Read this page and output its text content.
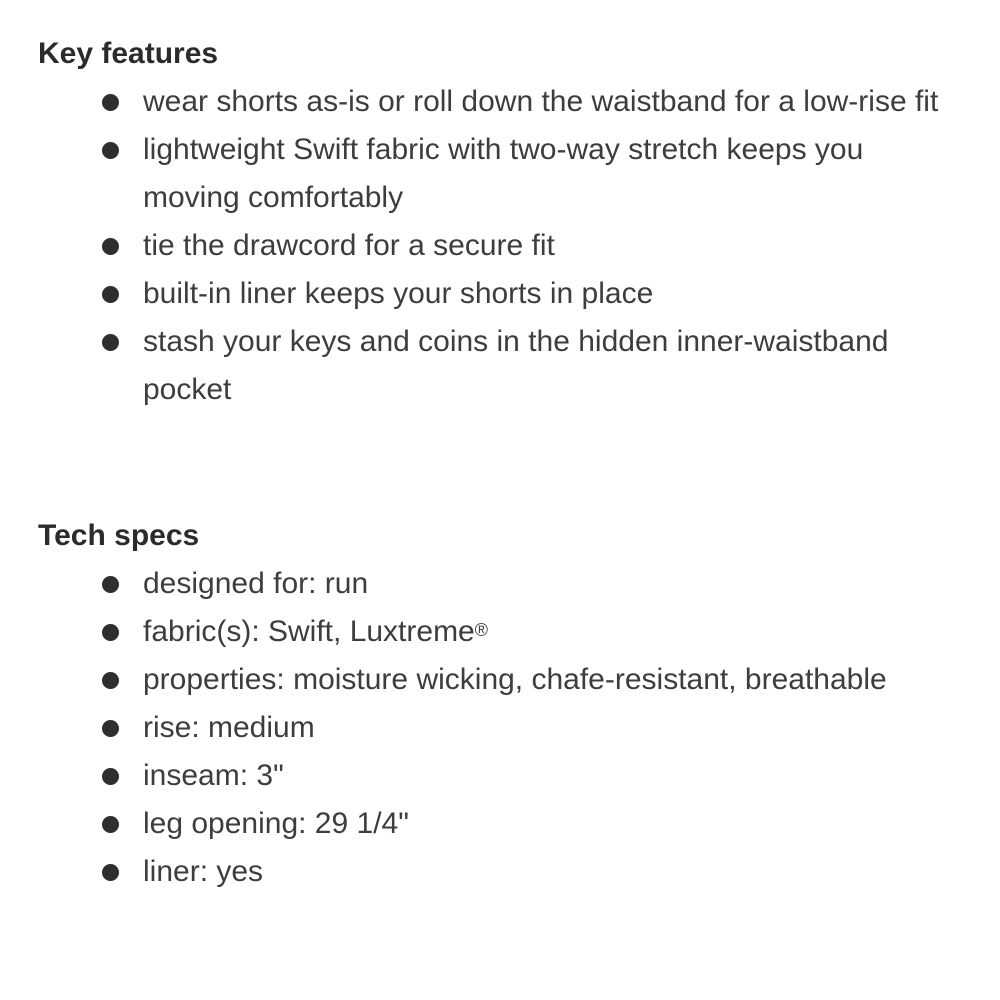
Key features
wear shorts as-is or roll down the waistband for a low-rise fit
lightweight Swift fabric with two-way stretch keeps you moving comfortably
tie the drawcord for a secure fit
built-in liner keeps your shorts in place
stash your keys and coins in the hidden inner-waistband pocket
Tech specs
designed for: run
fabric(s): Swift, Luxtreme®
properties: moisture wicking, chafe-resistant, breathable
rise: medium
inseam: 3"
leg opening: 29 1/4"
liner: yes
